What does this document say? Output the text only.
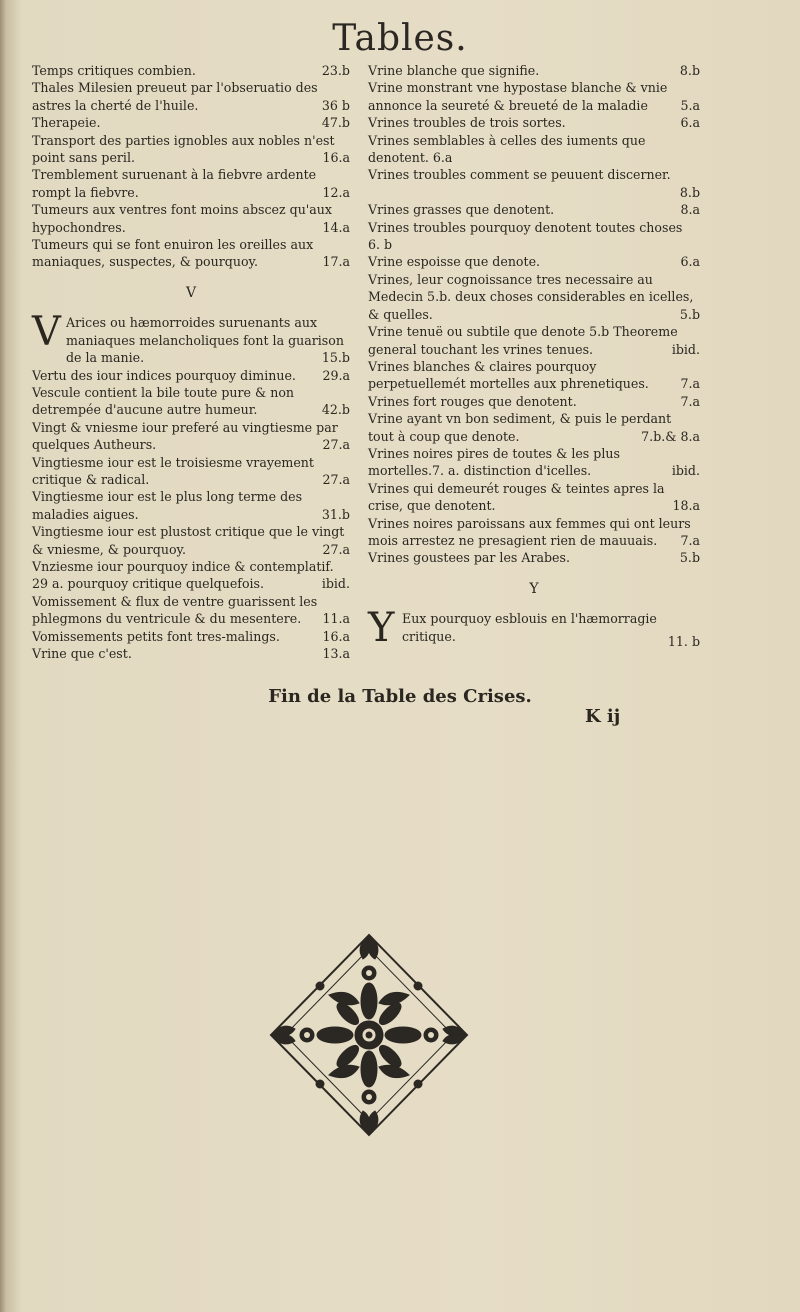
Tables.
Temps critiques combien.	23.b
Thales Milesien preueut par l'obseruatio des astres la cherté de l'huile.	36 b
Therapeie.	47.b
Transport des parties ignobles aux nobles n'est point sans peril.	16.a
Tremblement suruenant à la fiebvre ardente rompt la fiebvre.	12.a
Tumeurs aux ventres font moins abscez qu'aux hypochondres.	14.a
Tumeurs qui se font enuiron les oreilles aux maniaques, suspectes, & pourquoy.	17.a
V
V Arices ou hæmorroides suruenants aux maniaques melancholiques font la guarison de la manie.	15.b
Vertu des iour indices pourquoy diminue.	29.a
Vescule contient la bile toute pure & non detrempée d'aucune autre humeur.	42.b
Vingt & vniesme iour preferé au vingtiesme par quelques Autheurs.	27.a
Vingtiesme iour est le troisiesme vrayement critique & radical.	27.a
Vingtiesme iour est le plus long terme des maladies aigues.	31.b
Vingtiesme iour est plustost critique que le vingt & vniesme, & pourquoy.	27.a
Vnziesme iour pourquoy indice & contemplatif. 29 a. pourquoy critique quelquefois.	ibid.
Vomissement & flux de ventre guarissent les phlegmons du ventricule & du mesentere.	11.a
Vomissements petits font tres-malings.	16.a
Vrine que c'est.	13.a
Vrine blanche que signifie.	8.b
Vrine monstrant vne hypostase blanche & vnie annonce la seureté & breueté de la maladie	5.a
Vrines troubles de trois sortes.	6.a
Vrines semblables à celles des iuments que denotent. 6.a
Vrines troubles comment se peuuent discerner.
8.b
Vrines grasses que denotent.	8.a
Vrines troubles pourquoy denotent toutes choses 6. b
Vrine espoisse que denote.	6.a
Vrines, leur cognoissance tres necessaire au Medecin 5.b. deux choses considerables en icelles, & quelles.	5.b
Vrine tenuë ou subtile que denote 5.b Theoreme general touchant les vrines tenues.	ibid.
Vrines blanches & claires pourquoy perpetuellemét mortelles aux phrenetiques.	7.a
Vrines fort rouges que denotent.	7.a
Vrine ayant vn bon sediment, & puis le perdant tout à coup que denote.	7.b.& 8.a
Vrines noires pires de toutes & les plus mortelles.7. a. distinction d'icelles.	ibid.
Vrines qui demeurét rouges & teintes apres la crise, que denotent.	18.a
Vrines noires paroissans aux femmes qui ont leurs mois arrestez ne presagient rien de mauuais.	7.a
Vrines goustees par les Arabes.	5.b
Y
Y Eux pourquoy esblouis en l'hæmorragie critique.	11. b
Fin de la Table des Crises.
K ij
